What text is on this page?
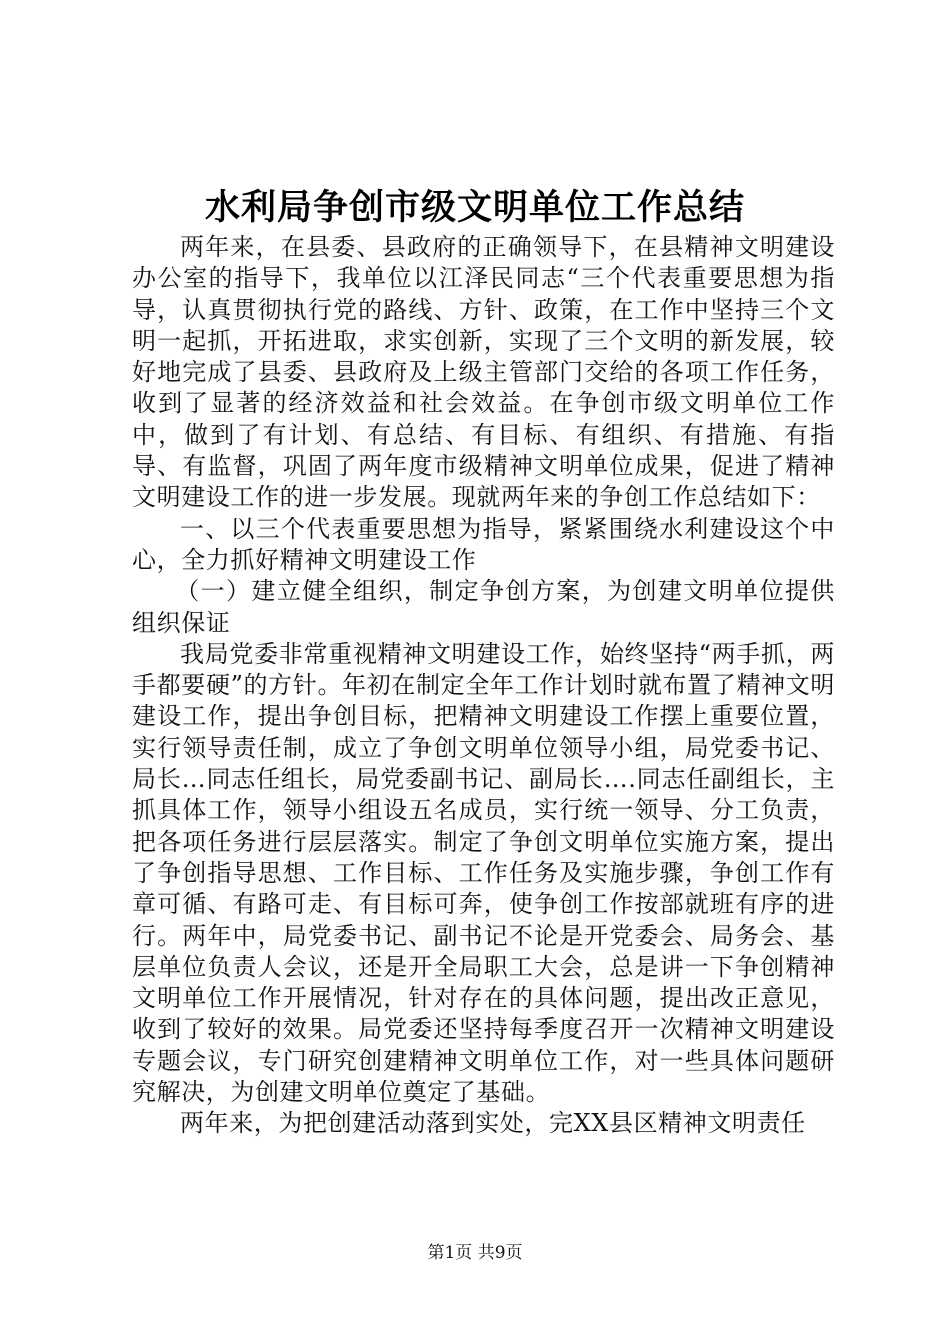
水利局争创市级文明单位工作总结

两年来，在县委、县政府的正确领导下，在县精神文明建设办公室的指导下，我单位以江泽民同志“三个代表重要思想为指导，认真贯彻执行党的路线、方针、政策，在工作中坚持三个文明一起抓，开拓进取，求实创新，实现了三个文明的新发展，较好地完成了县委、县政府及上级主管部门交给的各项工作任务，收到了显著的经济效益和社会效益。在争创市级文明单位工作中，做到了有计划、有总结、有目标、有组织、有措施、有指导、有监督，巩固了两年度市级精神文明单位成果，促进了精神文明建设工作的进一步发展。现就两年来的争创工作总结如下：

一、以三个代表重要思想为指导，紧紧围绕水利建设这个中心，全力抓好精神文明建设工作

（一）建立健全组织，制定争创方案，为创建文明单位提供组织保证

我局党委非常重视精神文明建设工作，始终坚持“两手抓，两手都要硬”的方针。年初在制定全年工作计划时就布置了精神文明建设工作，提出争创目标，把精神文明建设工作摆上重要位置，实行领导责任制，成立了争创文明单位领导小组，局党委书记、局长…同志任组长，局党委副书记、副局长….同志任副组长，主抓具体工作，领导小组设五名成员，实行统一领导、分工负责，把各项任务进行层层落实。制定了争创文明单位实施方案，提出了争创指导思想、工作目标、工作任务及实施步骤，争创工作有章可循、有路可走、有目标可奔，使争创工作按部就班有序的进行。两年中，局党委书记、副书记不论是开党委会、局务会、基层单位负责人会议，还是开全局职工大会，总是讲一下争创精神文明单位工作开展情况，针对存在的具体问题，提出改正意见，收到了较好的效果。局党委还坚持每季度召开一次精神文明建设专题会议，专门研究创建精神文明单位工作，对一些具体问题研究解决，为创建文明单位奠定了基础。

两年来，为把创建活动落到实处，完XX县区精神文明责任

第1页 共9页
